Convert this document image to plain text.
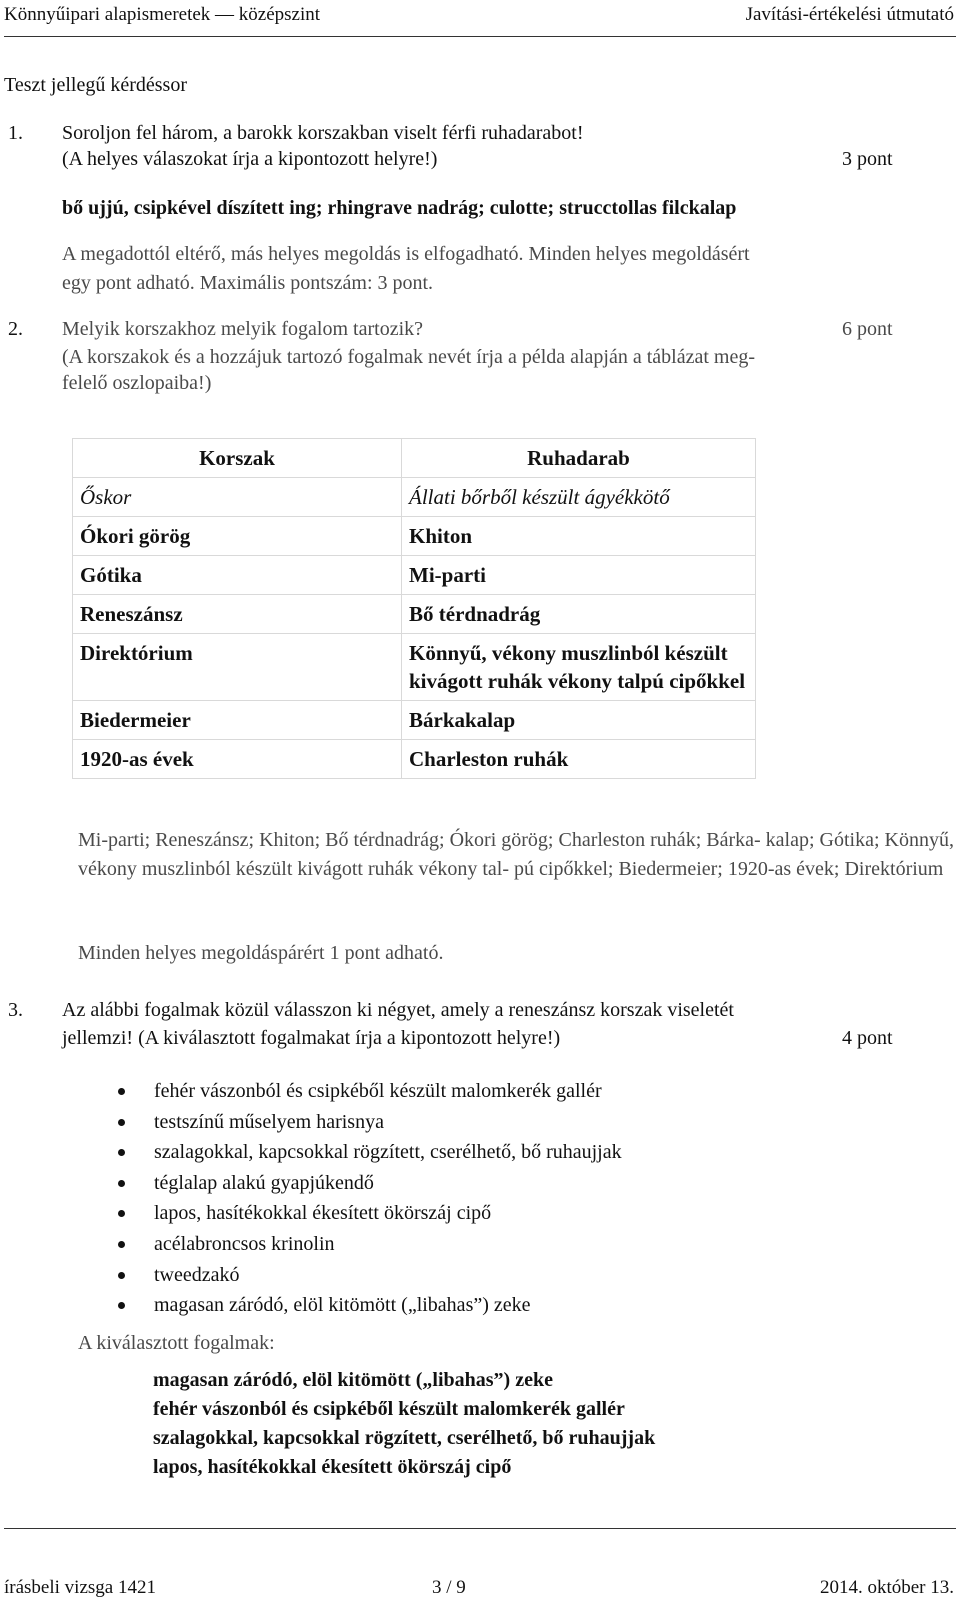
Könnyűipari alapismeretek — középszint	Javítási-értékelési útmutató
Teszt jellegű kérdéssor
1. Soroljon fel három, a barokk korszakban viselt férfi ruhadarabot!
(A helyes válaszokat írja a kipontozott helyre!)	3 pont
bő ujjú, csipkével díszített ing; rhingrave nadrág; culotte; strucctollas filckalap
A megadottól eltérő, más helyes megoldás is elfogadható. Minden helyes megoldásért
egy pont adható. Maximális pontszám: 3 pont.
2. Melyik korszakhoz melyik fogalom tartozik?	6 pont
(A korszakok és a hozzájuk tartozó fogalmak nevét írja a példa alapján a táblázat meg-
felelő oszlopaiba!)
Korszak	Ruhadarab
Őskor	Állati bőrből készült ágyékkötő
Ókori görög	Khiton
Gótika	Mi-parti
Reneszánsz	Bő térdnadrág
Direktórium	Könnyű, vékony muszlinból készült kivágott ruhák vékony talpú cipőkkel
Biedermeier	Bárkakalap
1920-as évek	Charleston ruhák
Mi-parti; Reneszánsz; Khiton; Bő térdnadrág; Ókori görög; Charleston ruhák; Bárka- kalap; Gótika; Könnyű, vékony muszlinból készült kivágott ruhák vékony tal- pú cipőkkel; Biedermeier; 1920-as évek; Direktórium
Minden helyes megoldáspárért 1 pont adható.
3. Az alábbi fogalmak közül válasszon ki négyet, amely a reneszánsz korszak viseletét
jellemzi! (A kiválasztott fogalmakat írja a kipontozott helyre!)	4 pont
fehér vászonból és csipkéből készült malomkerék gallér
testszínű műselyem harisnya
szalagokkal, kapcsokkal rögzített, cserélhető, bő ruhaujjak
téglalap alakú gyapjúkendő
lapos, hasítékokkal ékesített ökörszáj cipő
acélabroncsos krinolin
tweedzakó
magasan záródó, elöl kitömött („libahas”) zeke
A kiválasztott fogalmak:
magasan záródó, elöl kitömött („libahas”) zeke
fehér vászonból és csipkéből készült malomkerék gallér
szalagokkal, kapcsokkal rögzített, cserélhető, bő ruhaujjak
lapos, hasítékokkal ékesített ökörszáj cipő
írásbeli vizsga 1421	3 / 9	2014. október 13.
